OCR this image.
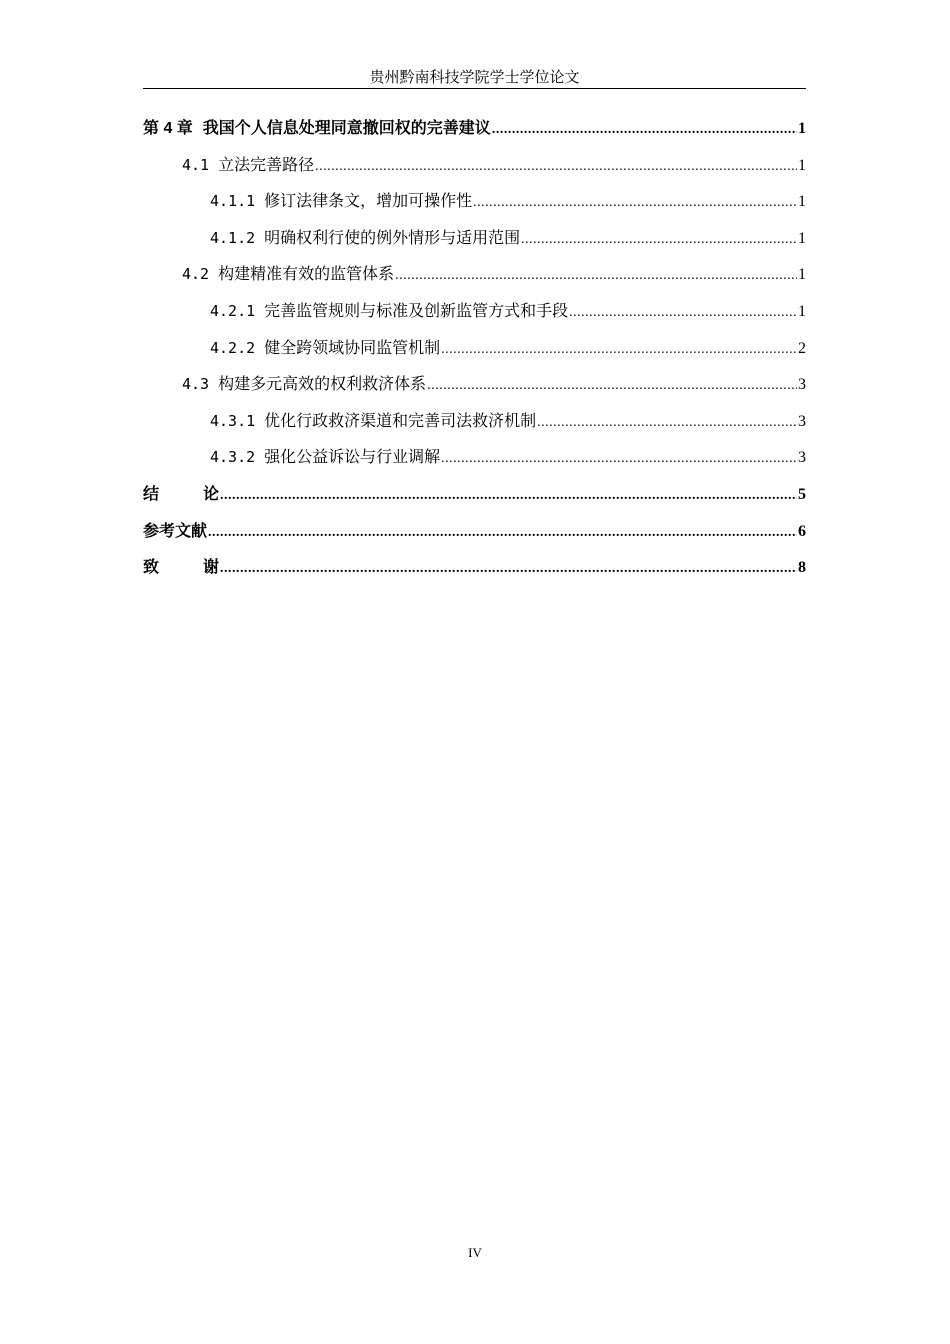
贵州黔南科技学院学士学位论文
第 4 章 我国个人信息处理同意撤回权的完善建议 .....	1
4.1 立法完善路径 .....	1
4.1.1 修订法律条文，增加可操作性 .....	1
4.1.2 明确权利行使的例外情形与适用范围 .....	1
4.2 构建精准有效的监管体系 .....	1
4.2.1 完善监管规则与标准及创新监管方式和手段 .....	1
4.2.2 健全跨领域协同监管机制 .....	2
4.3 构建多元高效的权利救济体系 .....	3
4.3.1 优化行政救济渠道和完善司法救济机制 .....	3
4.3.2 强化公益诉讼与行业调解 .....	3
结	论 .....	5
参考文献 .....	6
致	谢 .....	8
IV
